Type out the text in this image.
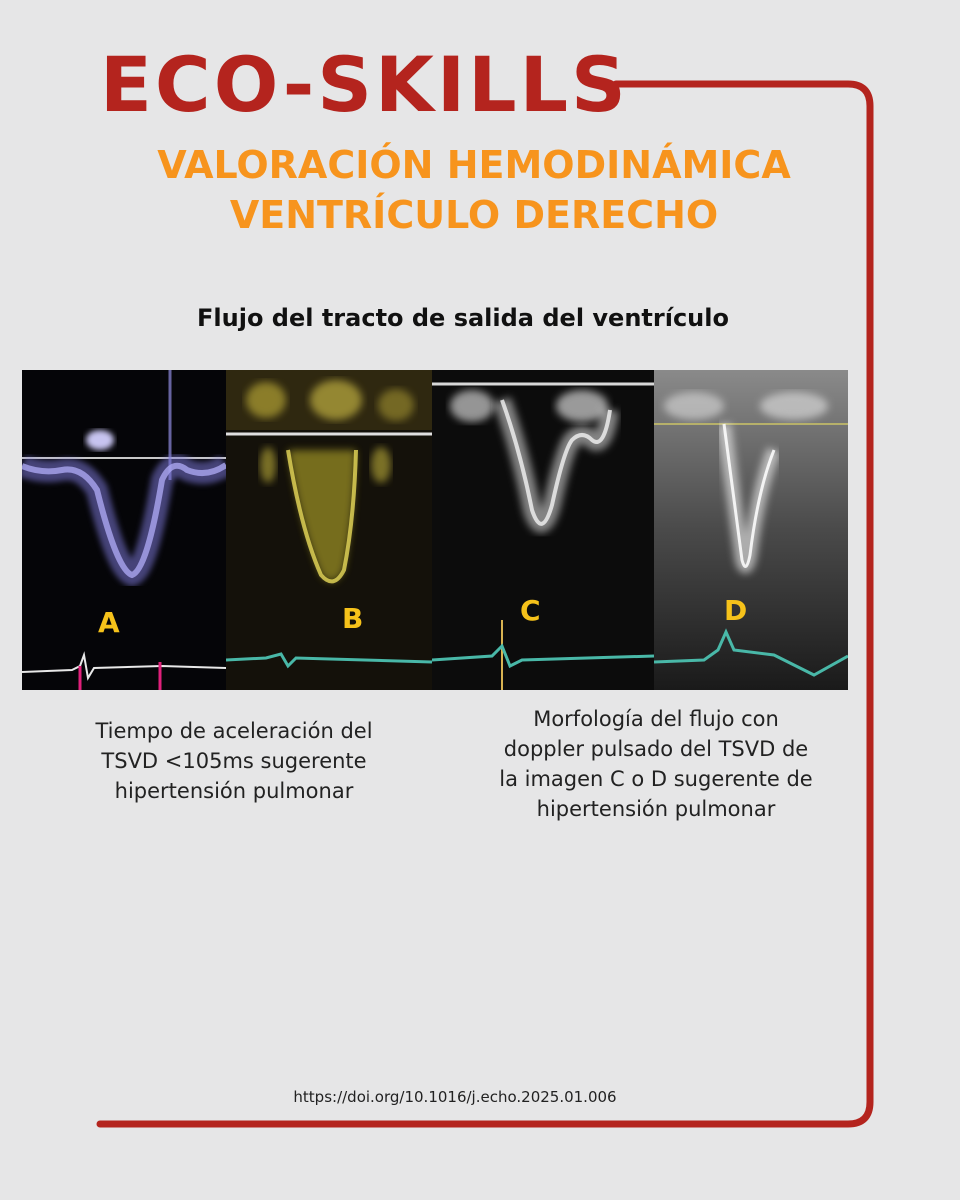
ECO-SKILLS
VALORACIÓN HEMODINÁMICA
VENTRÍCULO DERECHO
Flujo del tracto de salida del ventrículo
A	B	C	D
Tiempo de aceleración del
TSVD <105ms sugerente
hipertensión pulmonar
Morfología del flujo con
doppler pulsado del TSVD de
la imagen C o D sugerente de
hipertensión pulmonar
https://doi.org/10.1016/j.echo.2025.01.006
